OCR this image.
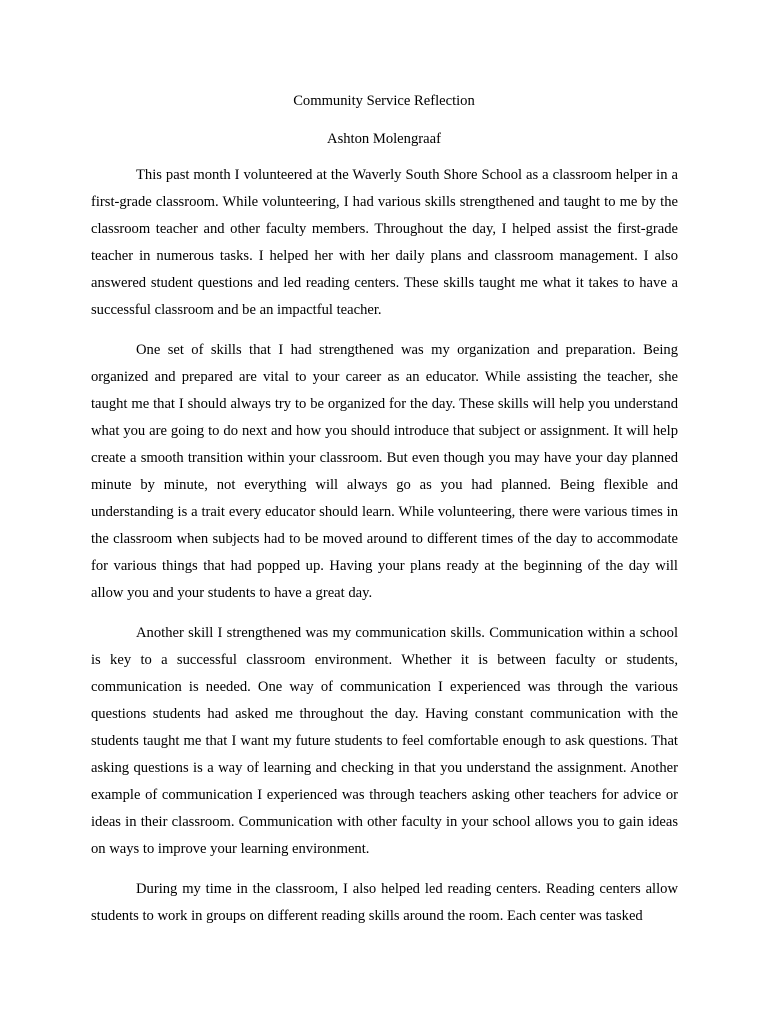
Community Service Reflection
Ashton Molengraaf

This past month I volunteered at the Waverly South Shore School as a classroom helper in a first-grade classroom. While volunteering, I had various skills strengthened and taught to me by the classroom teacher and other faculty members. Throughout the day, I helped assist the first-grade teacher in numerous tasks. I helped her with her daily plans and classroom management. I also answered student questions and led reading centers. These skills taught me what it takes to have a successful classroom and be an impactful teacher.

One set of skills that I had strengthened was my organization and preparation. Being organized and prepared are vital to your career as an educator. While assisting the teacher, she taught me that I should always try to be organized for the day. These skills will help you understand what you are going to do next and how you should introduce that subject or assignment. It will help create a smooth transition within your classroom. But even though you may have your day planned minute by minute, not everything will always go as you had planned. Being flexible and understanding is a trait every educator should learn. While volunteering, there were various times in the classroom when subjects had to be moved around to different times of the day to accommodate for various things that had popped up. Having your plans ready at the beginning of the day will allow you and your students to have a great day.

Another skill I strengthened was my communication skills. Communication within a school is key to a successful classroom environment. Whether it is between faculty or students, communication is needed. One way of communication I experienced was through the various questions students had asked me throughout the day. Having constant communication with the students taught me that I want my future students to feel comfortable enough to ask questions. That asking questions is a way of learning and checking in that you understand the assignment. Another example of communication I experienced was through teachers asking other teachers for advice or ideas in their classroom. Communication with other faculty in your school allows you to gain ideas on ways to improve your learning environment.

During my time in the classroom, I also helped led reading centers. Reading centers allow students to work in groups on different reading skills around the room. Each center was tasked
